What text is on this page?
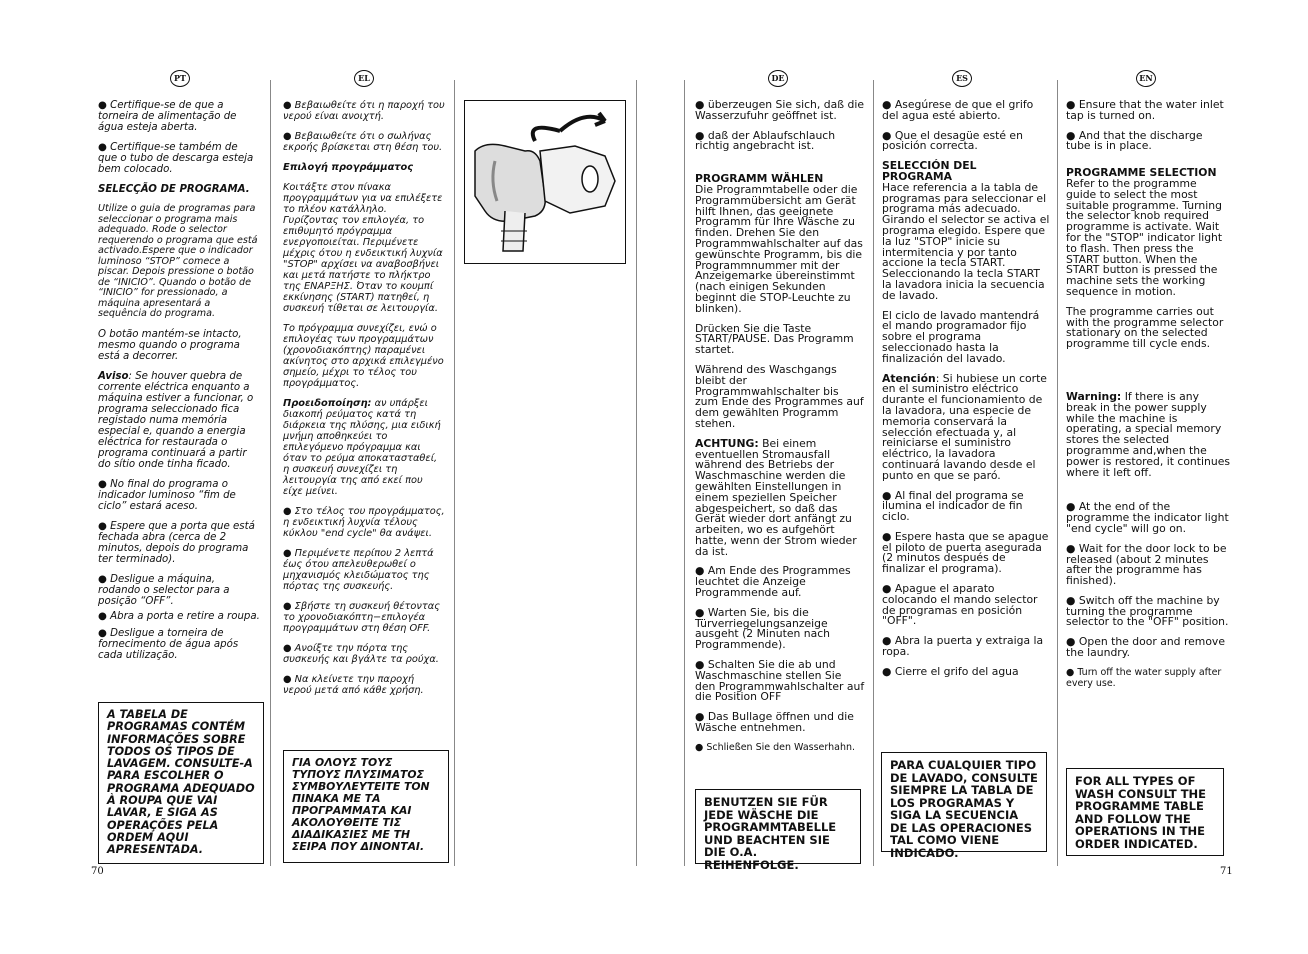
PT	EL	DE	ES	EN

● Certifique-se de que a torneira de alimentação de água esteja aberta.

● Certifique-se também de que o tubo de descarga esteja bem colocado.

SELECÇÃO DE PROGRAMA.

Utilize o guia de programas para seleccionar o programa mais adequado. Rode o selector requerendo o programa que está activado.Espere que o indicador luminoso “STOP” comece a piscar. Depois pressione o botão de “INICIO”. Quando o botão de “INICIO” for pressionado, a máquina apresentará a sequência do programa.

O botão mantém-se intacto, mesmo quando o programa está a decorrer.

Aviso: Se houver quebra de corrente eléctrica enquanto a máquina estiver a funcionar, o programa seleccionado fica registado numa memória especial e, quando a energia eléctrica for restaurada o programa continuará a partir do sítio onde tinha ficado.

● No final do programa o indicador luminoso “fim de ciclo” estará aceso.

● Espere que a porta que está fechada abra (cerca de 2 minutos, depois do programa ter terminado).

● Desligue a máquina, rodando o selector para a posição “OFF”.

● Abra a porta e retire a roupa.

● Desligue a torneira de fornecimento de água após cada utilização.

A TABELA DE PROGRAMAS CONTÉM INFORMAÇÕES SOBRE TODOS OS TIPOS DE LAVAGEM. CONSULTE-A PARA ESCOLHER O PROGRAMA ADEQUADO À ROUPA QUE VAI LAVAR, E SIGA AS OPERAÇÕES PELA ORDEM AQUI APRESENTADA.

● Βεβαιωθείτε ότι η παροχή του νερού είναι ανοιχτή.

● Βεβαιωθείτε ότι ο σωλήνας εκροής βρίσκεται στη θέση του.

Επιλογή προγράμματος

Κοιτάξτε στον πίνακα προγραμμάτων για να επιλέξετε το πλέον κατάλληλο. Γυρίζοντας τον επιλογέα, το επιθυμητό πρόγραμμα ενεργοποιείται. Περιμένετε μέχρις ότου η ενδεικτική λυχνία "STOP" αρχίσει να αναβοσβήνει και μετά πατήστε το πλήκτρο της ΕΝΑΡΞΗΣ. Όταν το κουμπί εκκίνησης (START) πατηθεί, η συσκευή τίθεται σε λειτουργία.

Το πρόγραμμα συνεχίζει, ενώ ο επιλογέας των προγραμμάτων (χρονοδιακόπτης) παραμένει ακίνητος στο αρχικά επιλεγμένο σημείο, μέχρι το τέλος του προγράμματος.

Προειδοποίηση: αν υπάρξει διακοπή ρεύματος κατά τη διάρκεια της πλύσης, μια ειδική μνήμη αποθηκεύει το επιλεγόμενο πρόγραμμα και όταν το ρεύμα αποκατασταθεί, η συσκευή συνεχίζει τη λειτουργία της από εκεί που είχε μείνει.

● Στο τέλος του προγράμματος, η ενδεικτική λυχνία τέλους κύκλου "end cycle" θα ανάψει.

● Περιμένετε περίπου 2 λεπτά έως ότου απελευθερωθεί ο μηχανισμός κλειδώματος της πόρτας της συσκευής.

● Σβήστε τη συσκευή θέτοντας το χρονοδιακόπτη−επιλογέα προγραμμάτων στη θέση OFF.

● Ανοίξτε την πόρτα της συσκευής και βγάλτε τα ρούχα.

● Να κλείνετε την παροχή νερού μετά από κάθε χρήση.

ΓΙΑ ΟΛΟΥΣ ΤΟΥΣ ΤΥΠΟΥΣ ΠΛΥΣΙΜΑΤΟΣ ΣΥΜΒΟΥΛΕΥΤΕΙΤΕ ΤΟΝ ΠΙΝΑΚΑ ΜΕ ΤΑ ΠΡΟΓΡΑΜΜΑΤΑ ΚΑΙ ΑΚΟΛΟΥΘΕΙΤΕ ΤΙΣ ΔΙΑΔΙΚΑΣΙΕΣ ΜΕ ΤΗ ΣΕΙΡΑ ΠΟΥ ΔΙΝΟΝΤΑΙ.

● überzeugen Sie sich, daß die Wasserzufuhr geöffnet ist.

● daß der Ablaufschlauch richtig angebracht ist.

PROGRAMM WÄHLEN

Die Programmtabelle oder die Programmübersicht am Gerät hilft Ihnen, das geeignete Programm für Ihre Wäsche zu finden. Drehen Sie den Programmwahlschalter auf das gewünschte Programm, bis die Programmnummer mit der Anzeigemarke übereinstimmt (nach einigen Sekunden beginnt die STOP-Leuchte zu blinken).

Drücken Sie die Taste START/PAUSE. Das Programm startet.

Während des Waschgangs bleibt der Programmwahlschalter bis zum Ende des Programmes auf dem gewählten Programm stehen.

ACHTUNG: Bei einem eventuellen Stromausfall während des Betriebs der Waschmaschine werden die gewählten Einstellungen in einem speziellen Speicher abgespeichert, so daß das Gerät wieder dort anfängt zu arbeiten, wo es aufgehört hatte, wenn der Strom wieder da ist.

● Am Ende des Programmes leuchtet die Anzeige Programmende auf.

● Warten Sie, bis die Türverriegelungsanzeige ausgeht (2 Minuten nach Programmende).

● Schalten Sie die ab und Waschmaschine stellen Sie den Programmwahlschalter auf die Position OFF

● Das Bullage öffnen und die Wäsche entnehmen.

● Schließen Sie den Wasserhahn.

BENUTZEN SIE FÜR JEDE WÄSCHE DIE PROGRAMMTABELLE UND BEACHTEN SIE DIE O.A. REIHENFOLGE.

● Asegúrese de que el grifo del agua esté abierto.

● Que el desagüe esté en posición correcta.

SELECCIÓN DEL PROGRAMA

Hace referencia a la tabla de programas para seleccionar el programa más adecuado. Girando el selector se activa el programa elegido. Espere que la luz "STOP" inicie su intermitencia y por tanto accione la tecla START. Seleccionando la tecla START la lavadora inicia la secuencia de lavado.

El ciclo de lavado mantendrá el mando programador fijo sobre el programa seleccionado hasta la finalización del lavado.

Atención: Si hubiese un corte en el suministro eléctrico durante el funcionamiento de la lavadora, una especie de memoria conservará la selección efectuada y, al reiniciarse el suministro eléctrico, la lavadora continuará lavando desde el punto en que se paró.

● Al final del programa se ilumina el indicador de fin ciclo.

● Espere hasta que se apague el piloto de puerta asegurada (2 minutos después de finalizar el programa).

● Apague el aparato colocando el mando selector de programas en posición "OFF".

● Abra la puerta y extraiga la ropa.

● Cierre el grifo del agua

PARA CUALQUIER TIPO DE LAVADO, CONSULTE SIEMPRE LA TABLA DE LOS PROGRAMAS Y SIGA LA SECUENCIA DE LAS OPERACIONES TAL COMO VIENE INDICADO.

● Ensure that the water inlet tap is turned on.

● And that the discharge tube is in place.

PROGRAMME SELECTION

Refer to the programme guide to select the most suitable programme. Turning the selector knob required programme is activate. Wait for the "STOP" indicator light to flash. Then press the START button. When the START button is pressed the machine sets the working sequence in motion.

The programme carries out with the programme selector stationary on the selected programme till cycle ends.

Warning: If there is any break in the power supply while the machine is operating, a special memory stores the selected programme and,when the power is restored, it continues where it left off.

● At the end of the programme the indicator light "end cycle" will go on.

● Wait for the door lock to be released (about 2 minutes after the programme has finished).

● Switch off the machine by turning the programme selector to the "OFF" position.

● Open the door and remove the laundry.

● Turn off the water supply after every use.

FOR ALL TYPES OF WASH CONSULT THE PROGRAMME TABLE AND FOLLOW THE OPERATIONS IN THE ORDER INDICATED.
70	71
